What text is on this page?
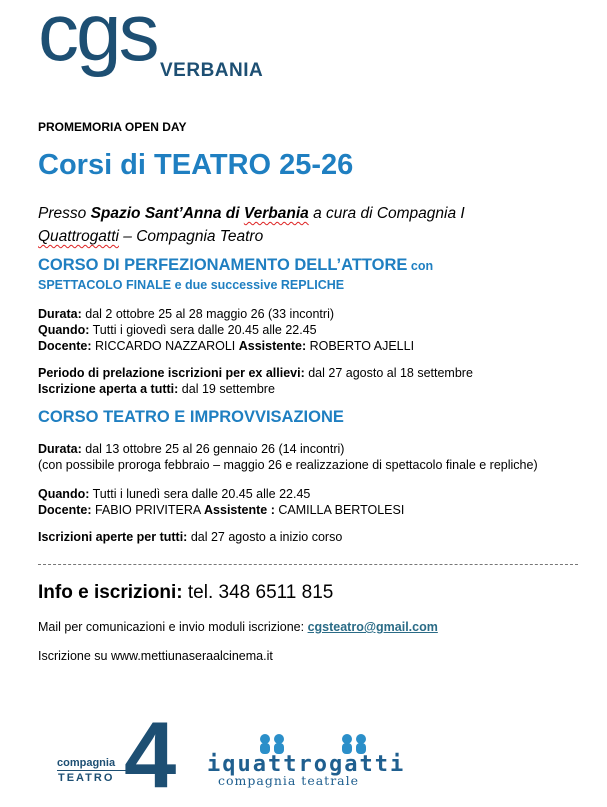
cgs VERBANIA
PROMEMORIA OPEN DAY
Corsi di TEATRO 25-26
Presso Spazio Sant’Anna di Verbania a cura di Compagnia I
Quattrogatti – Compagnia Teatro
CORSO DI PERFEZIONAMENTO DELL’ATTORE con
SPETTACOLO FINALE e due successive REPLICHE
Durata: dal 2 ottobre 25 al 28 maggio 26 (33 incontri)
Quando: Tutti i giovedì sera dalle 20.45 alle 22.45
Docente: RICCARDO NAZZAROLI Assistente: ROBERTO AJELLI
Periodo di prelazione iscrizioni per ex allievi: dal 27 agosto al 18 settembre
Iscrizione aperta a tutti: dal 19 settembre
CORSO TEATRO E IMPROVVISAZIONE
Durata: dal 13 ottobre 25 al 26 gennaio 26 (14 incontri)
(con possibile proroga febbraio – maggio 26 e realizzazione di spettacolo finale e repliche)
Quando: Tutti i lunedì sera dalle 20.45 alle 22.45
Docente: FABIO PRIVITERA Assistente : CAMILLA BERTOLESI
Iscrizioni aperte per tutti: dal 27 agosto a inizio corso
Info e iscrizioni: tel. 348 6511 815
Mail per comunicazioni e invio moduli iscrizione: cgsteatro@gmail.com
Iscrizione su www.mettiunaseraalcinema.it
compagnia
TEATRO 4 iquattrogatti
compagnia teatrale
